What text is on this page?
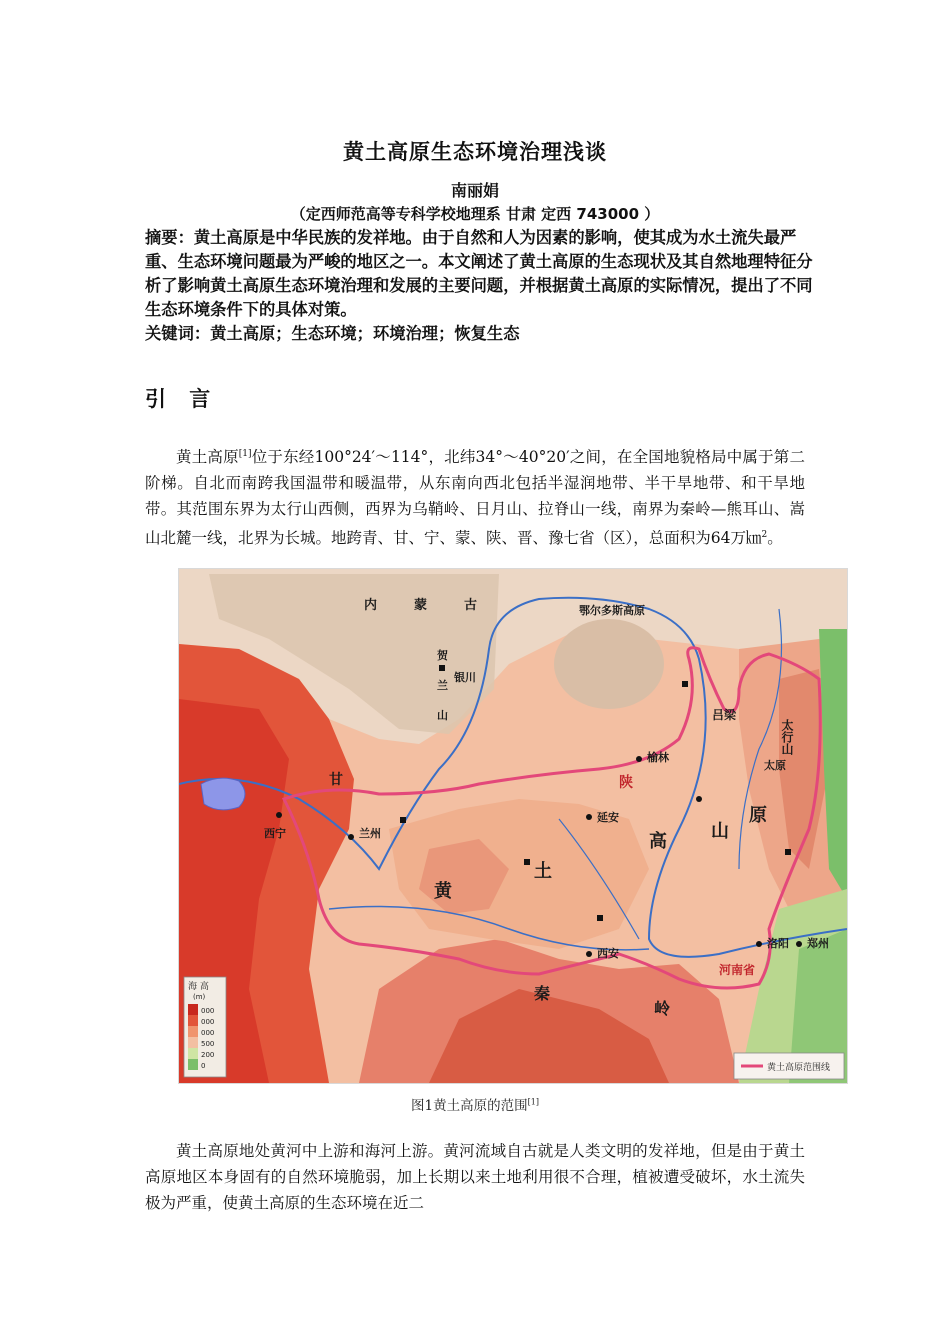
黄土高原生态环境治理浅谈
南丽娟
（定西师范高等专科学校地理系 甘肃 定西 743000 ）

摘要：黄土高原是中华民族的发祥地。由于自然和人为因素的影响，使其成为水土流失最严重、生态环境问题最为严峻的地区之一。本文阐述了黄土高原的生态现状及其自然地理特征分析了影响黄土高原生态环境治理和发展的主要问题，并根据黄土高原的实际情况，提出了不同生态环境条件下的具体对策。

关键词：黄土高原；生态环境；环境治理；恢复生态

引 言

黄土高原[1]位于东经100°24′～114°，北纬34°～40°20′之间，在全国地貌格局中属于第二阶梯。自北而南跨我国温带和暖温带，从东南向西北包括半湿润地带、半干旱地带、和干旱地带。其范围东界为太行山西侧，西界为乌鞘岭、日月山、拉脊山一线，南界为秦岭—熊耳山、嵩山北麓一线，北界为长城。地跨青、甘、宁、蒙、陕、晋、豫七省（区），总面积为64万㎞$^2$。

内	蒙	古	鄂尔多斯高原
银川
贺
兰
山
兰州
西宁
榆林
延安
太原
西安
洛阳 郑州
黄
土
高 山
原
秦
岭
吕梁
太行山
陕
甘
河南省
海 高
(m)
000
000
000
500
200
0	黄土高原范围线
图1黄土高原的范围[1]

黄土高原地处黄河中上游和海河上游。黄河流域自古就是人类文明的发祥地，但是由于黄土高原地区本身固有的自然环境脆弱，加上长期以来土地利用很不合理，植被遭受破坏，水土流失极为严重，使黄土高原的生态环境在近二
